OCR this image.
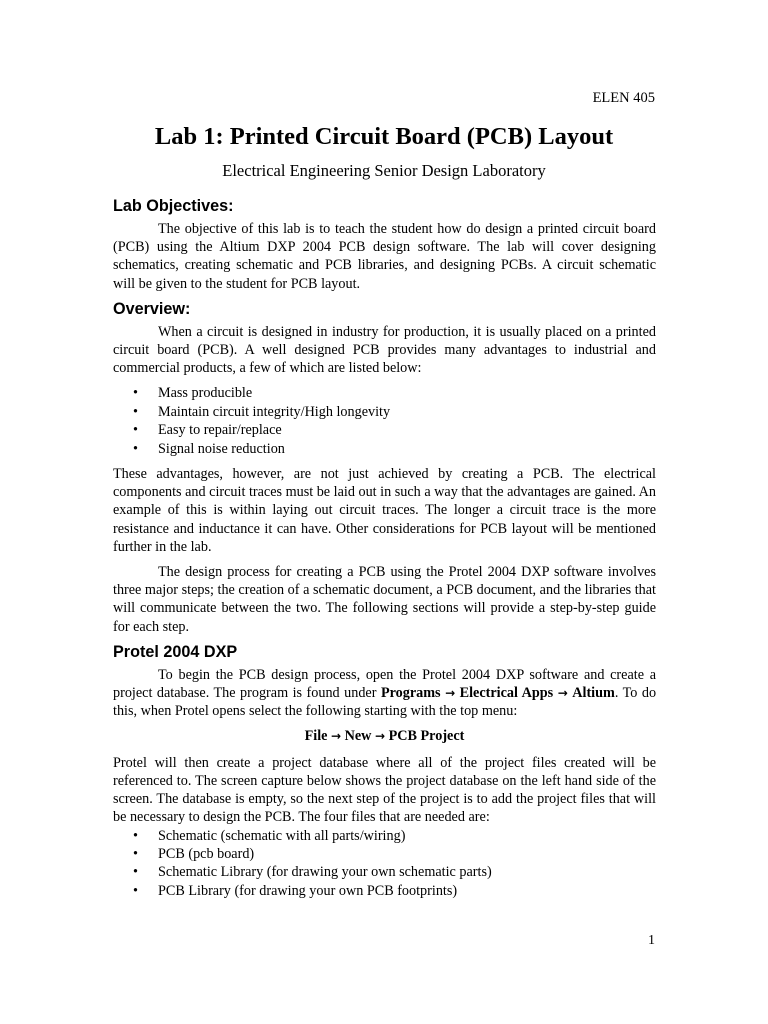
ELEN 405
Lab 1: Printed Circuit Board (PCB) Layout
Electrical Engineering Senior Design Laboratory
Lab Objectives:

The objective of this lab is to teach the student how do design a printed circuit board (PCB) using the Altium DXP 2004 PCB design software. The lab will cover designing schematics, creating schematic and PCB libraries, and designing PCBs. A circuit schematic will be given to the student for PCB layout.

Overview:

When a circuit is designed in industry for production, it is usually placed on a printed circuit board (PCB). A well designed PCB provides many advantages to industrial and commercial products, a few of which are listed below:

• Mass producible
• Maintain circuit integrity/High longevity
• Easy to repair/replace
• Signal noise reduction

These advantages, however, are not just achieved by creating a PCB. The electrical components and circuit traces must be laid out in such a way that the advantages are gained. An example of this is within laying out circuit traces. The longer a circuit trace is the more resistance and inductance it can have. Other considerations for PCB layout will be mentioned further in the lab.

The design process for creating a PCB using the Protel 2004 DXP software involves three major steps; the creation of a schematic document, a PCB document, and the libraries that will communicate between the two. The following sections will provide a step-by-step guide for each step.

Protel 2004 DXP

To begin the PCB design process, open the Protel 2004 DXP software and create a project database. The program is found under Programs → Electrical Apps → Altium. To do this, when Protel opens select the following starting with the top menu:

File → New → PCB Project

Protel will then create a project database where all of the project files created will be referenced to. The screen capture below shows the project database on the left hand side of the screen. The database is empty, so the next step of the project is to add the project files that will be necessary to design the PCB. The four files that are needed are:

• Schematic (schematic with all parts/wiring)
• PCB (pcb board)
• Schematic Library (for drawing your own schematic parts)
• PCB Library (for drawing your own PCB footprints)
1
